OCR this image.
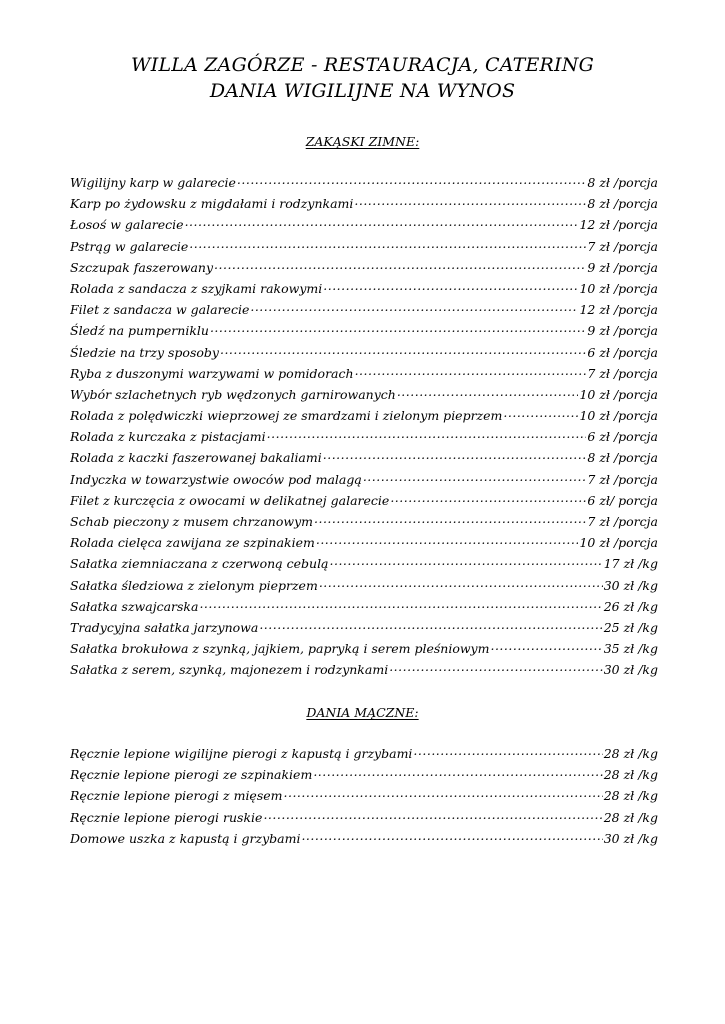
WILLA ZAGÓRZE - RESTAURACJA, CATERING
DANIA WIGILIJNE NA WYNOS
ZAKĄSKI ZIMNE:
Wigilijny karp w galarecie .....	8 zł /porcja
Karp po żydowsku z migdałami i rodzynkami .....	8 zł /porcja
Łosoś w galarecie .....	12 zł /porcja
Pstrąg w galarecie .....	7 zł /porcja
Szczupak faszerowany .....	9 zł /porcja
Rolada z sandacza z szyjkami rakowymi .....	10 zł /porcja
Filet z sandacza w galarecie .....	12 zł /porcja
Śledź na pumperniklu .....	9 zł /porcja
Śledzie na trzy sposoby .....	6 zł /porcja
Ryba z duszonymi warzywami w pomidorach .....	7 zł /porcja
Wybór szlachetnych ryb wędzonych garnirowanych .....	10 zł /porcja
Rolada z polędwiczki wieprzowej ze smardzami i zielonym pieprzem .....	10 zł /porcja
Rolada z kurczaka z pistacjami .....	6 zł /porcja
Rolada z kaczki faszerowanej bakaliami .....	8 zł /porcja
Indyczka w towarzystwie owoców pod malagą .....	7 zł /porcja
Filet z kurczęcia z owocami w delikatnej galarecie .....	6 zł/ porcja
Schab pieczony z musem chrzanowym .....	7 zł /porcja
Rolada cielęca zawijana ze szpinakiem .....	10 zł /porcja
Sałatka ziemniaczana z czerwoną cebulą .....	17 zł /kg
Sałatka śledziowa z zielonym pieprzem .....	30 zł /kg
Sałatka szwajcarska .....	26 zł /kg
Tradycyjna sałatka jarzynowa .....	25 zł /kg
Sałatka brokułowa z szynką, jajkiem, papryką i serem pleśniowym .....	35 zł /kg
Sałatka z serem, szynką, majonezem i rodzynkami .....	30 zł /kg
DANIA MĄCZNE:
Ręcznie lepione wigilijne pierogi z kapustą i grzybami .....	28 zł /kg
Ręcznie lepione pierogi ze szpinakiem .....	28 zł /kg
Ręcznie lepione pierogi z mięsem .....	28 zł /kg
Ręcznie lepione pierogi ruskie .....	28 zł /kg
Domowe uszka z kapustą i grzybami .....	30 zł /kg
